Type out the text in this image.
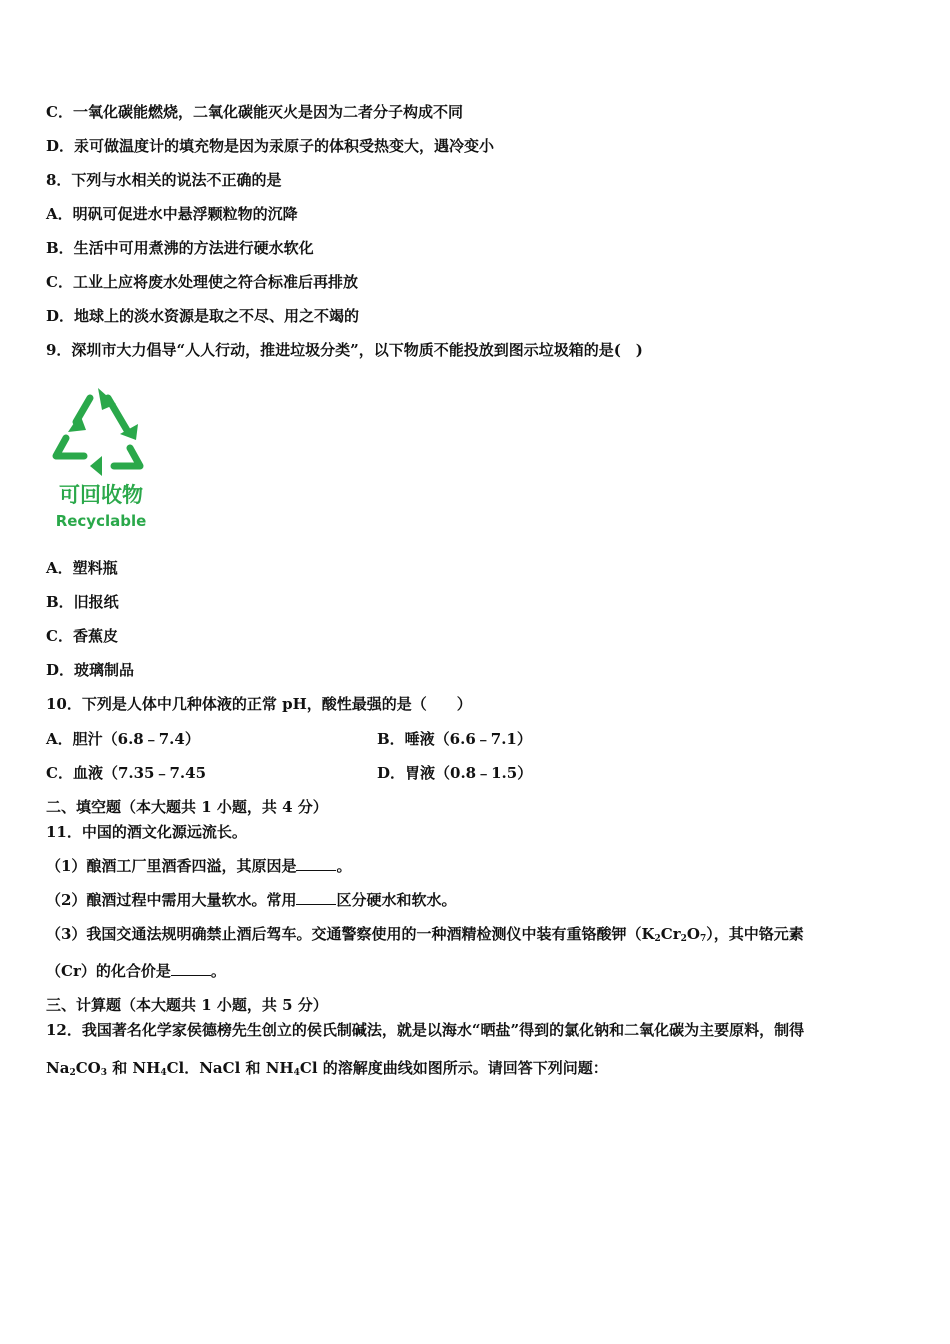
C．一氧化碳能燃烧，二氧化碳能灭火是因为二者分子构成不同
D．汞可做温度计的填充物是因为汞原子的体积受热变大，遇冷变小
8．下列与水相关的说法不正确的是
A．明矾可促进水中悬浮颗粒物的沉降
B．生活中可用煮沸的方法进行硬水软化
C．工业上应将废水处理使之符合标准后再排放
D．地球上的淡水资源是取之不尽、用之不竭的
9．深圳市大力倡导“人人行动，推进垃圾分类”，以下物质不能投放到图示垃圾箱的是(　)
可回收物
Recyclable
A．塑料瓶
B．旧报纸
C．香蕉皮
D．玻璃制品
10．下列是人体中几种体液的正常 pH，酸性最强的是（　　）
A．胆汁（6.8﹣7.4）	B．唾液（6.6﹣7.1）
C．血液（7.35﹣7.45	D．胃液（0.8﹣1.5）
二、填空题（本大题共 1 小题，共 4 分）
11．中国的酒文化源远流长。
（1）酿酒工厂里酒香四溢，其原因是	。
（2）酿酒过程中需用大量软水。常用	区分硬水和软水。
（3）我国交通法规明确禁止酒后驾车。交通警察使用的一种酒精检测仪中装有重铬酸钾$(K_2Cr_2O_7)$，其中铬元素
（Cr）的化合价是	。
三、计算题（本大题共 1 小题，共 5 分）
12．我国著名化学家侯德榜先生创立的侯氏制碱法，就是以海水“晒盐”得到的氯化钠和二氧化碳为主要原料，制得
$Na_2CO_3$ 和 $NH_4Cl$．NaCl 和 $NH_4Cl$ 的溶解度曲线如图所示。请回答下列问题：
